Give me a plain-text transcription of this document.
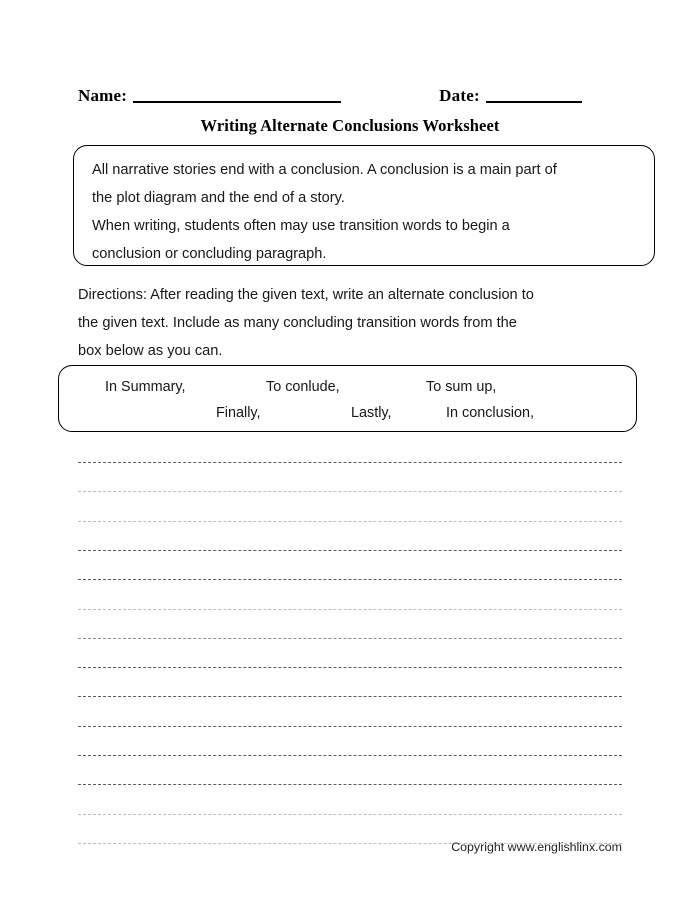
Name:	Date:
Writing Alternate Conclusions Worksheet
All narrative stories end with a conclusion. A conclusion is a main part of
the plot diagram and the end of a story.
When writing, students often may use transition words to begin a
conclusion or concluding paragraph.
Directions: After reading the given text, write an alternate conclusion to
the given text. Include as many concluding transition words from the
box below as you can.
In Summary,	To conlude,	To sum up,
Finally,	Lastly,	In conclusion,
Copyright www.englishlinx.com
